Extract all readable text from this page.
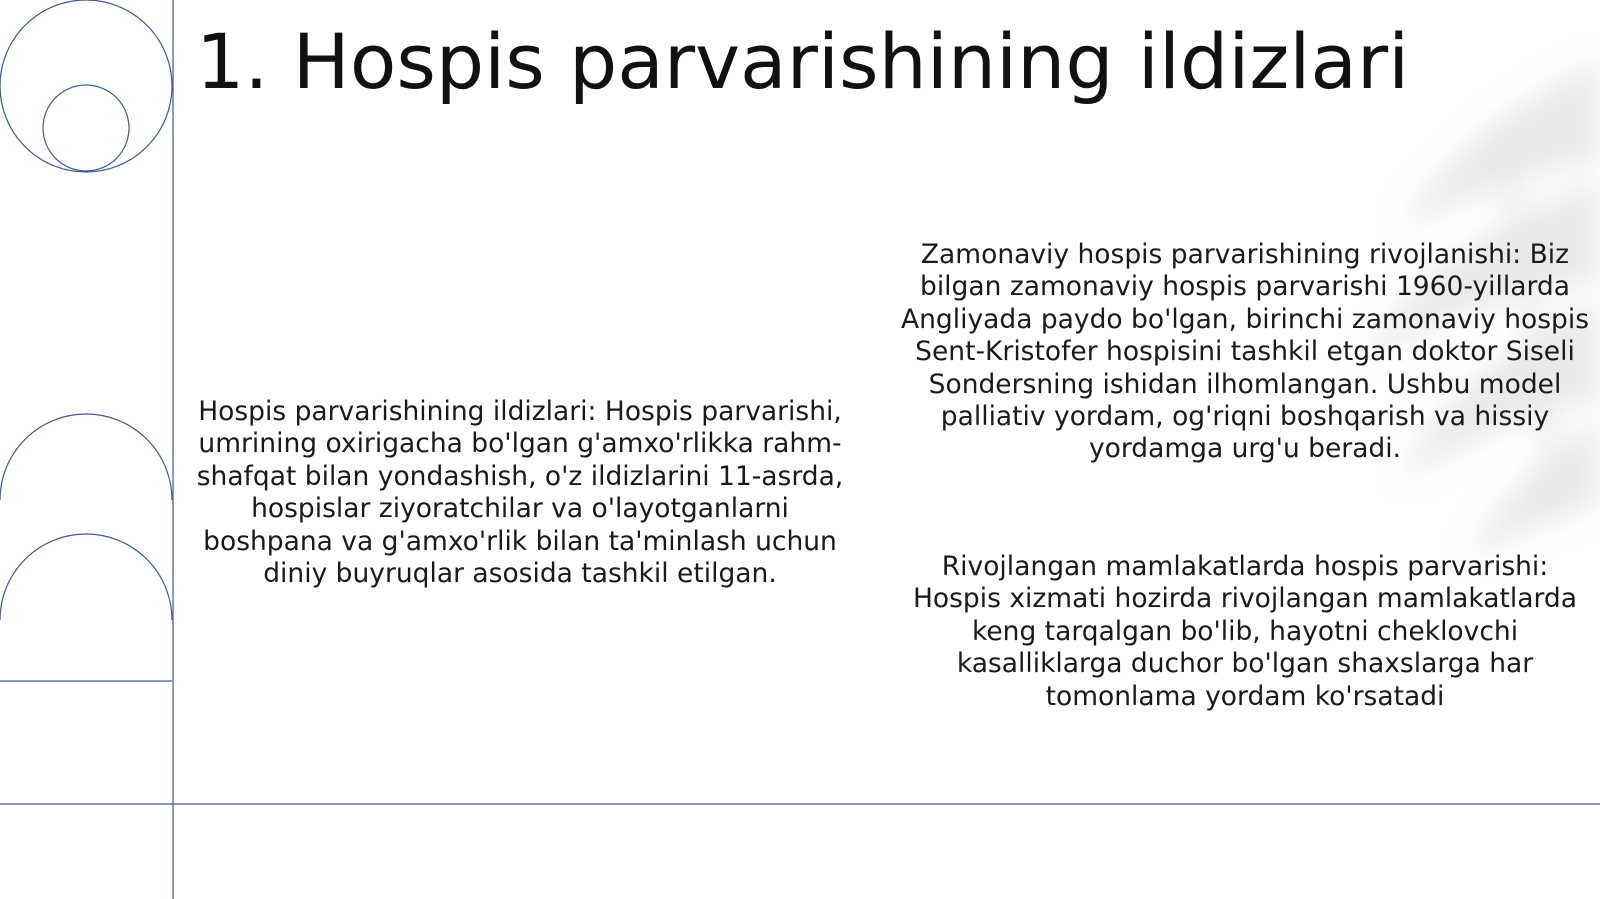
1. Hospis parvarishining ildizlari

Hospis parvarishining ildizlari: Hospis parvarishi, umrining oxirigacha bo'lgan g'amxo'rlikka rahm-shafqat bilan yondashish, o'z ildizlarini 11-asrda, hospislar ziyoratchilar va o'layotganlarni boshpana va g'amxo'rlik bilan ta'minlash uchun diniy buyruqlar asosida tashkil etilgan.

Zamonaviy hospis parvarishining rivojlanishi: Biz bilgan zamonaviy hospis parvarishi 1960-yillarda Angliyada paydo bo'lgan, birinchi zamonaviy hospis Sent-Kristofer hospisini tashkil etgan doktor Siseli Sondersning ishidan ilhomlangan. Ushbu model palliativ yordam, og'riqni boshqarish va hissiy yordamga urg'u beradi.

Rivojlangan mamlakatlarda hospis parvarishi: Hospis xizmati hozirda rivojlangan mamlakatlarda keng tarqalgan bo'lib, hayotni cheklovchi kasalliklarga duchor bo'lgan shaxslarga har tomonlama yordam ko'rsatadi
